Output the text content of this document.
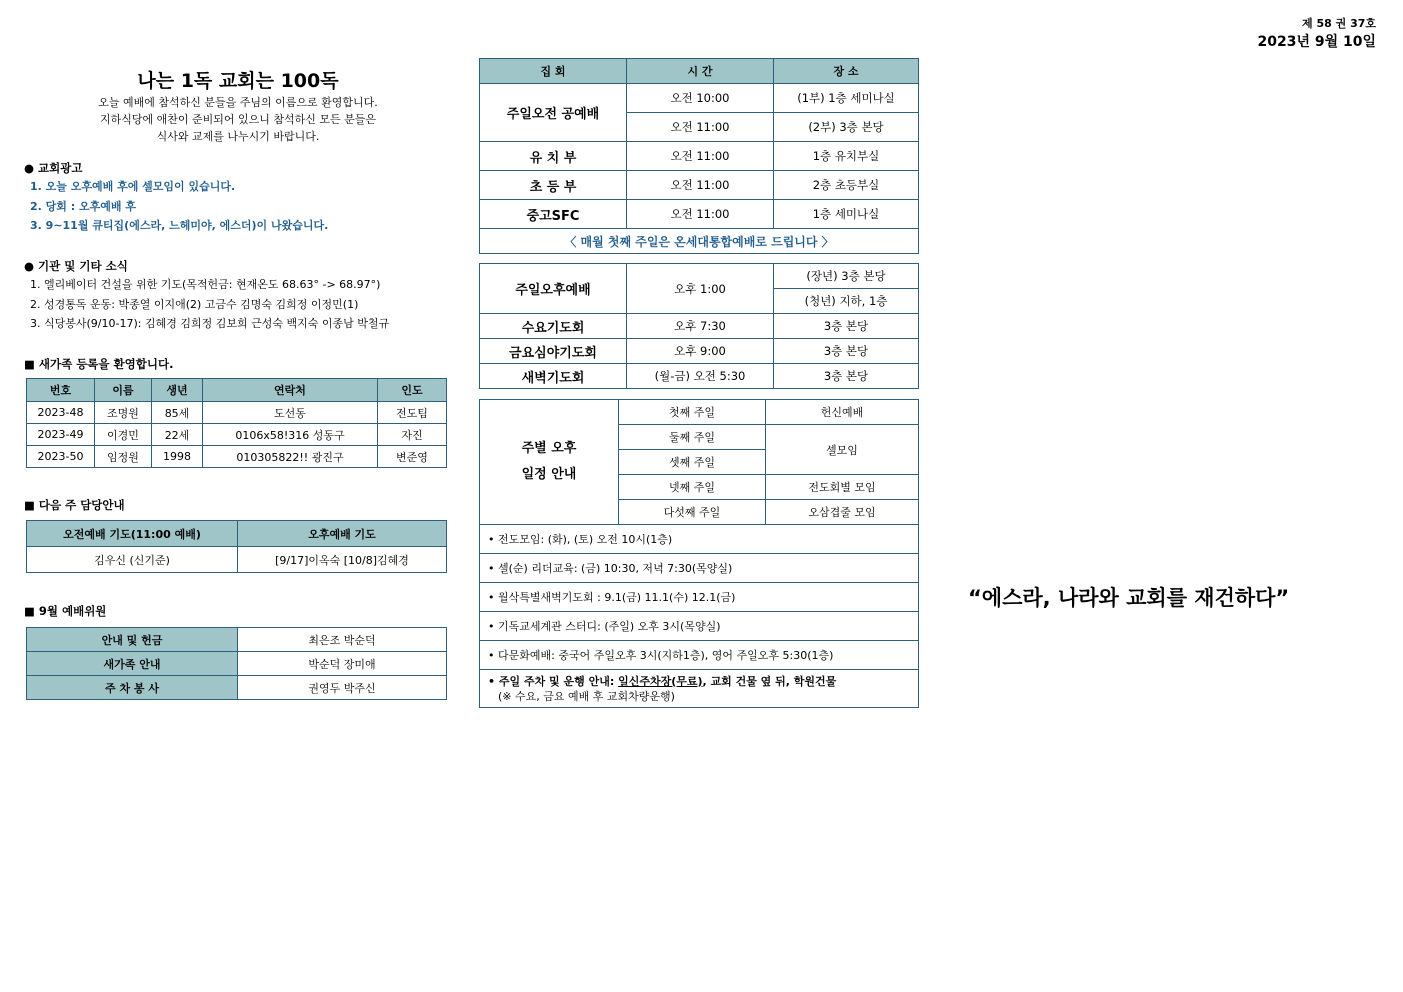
제 58 권 37호
2023년 9월 10일
나는 1독 교회는 100독
오늘 예배에 참석하신 분들을 주님의 이름으로 환영합니다.
지하식당에 애찬이 준비되어 있으니 참석하신 모든 분들은
식사와 교제를 나누시기 바랍니다.
● 교회광고
1. 오늘 오후예배 후에 셀모임이 있습니다.
2. 당회 : 오후예배 후
3. 9~11월 큐티집(에스라, 느헤미야, 에스더)이 나왔습니다.
● 기관 및 기타 소식
1. 엘리베이터 건설을 위한 기도(목적헌금: 현재온도 68.63° -> 68.97°)
2. 성경통독 운동: 박종열 이지애(2) 고금수 김명숙 김희정 이정민(1)
3. 식당봉사(9/10-17): 김혜경 김희정 김보희 근성숙 백지숙 이종남 박철규
■ 새가족 등록을 환영합니다.
번호	이름	생년	연락처	인도
2023-48	조명원	85세	도선동	전도팀
2023-49	이경민	22세	0106x58!316 성동구	자진
2023-50	임정원	1998	010305822!! 광진구	변준영
■ 다음 주 담당안내
오전예배 기도(11:00 예배)	오후예배 기도
김우신 (신기준)	[9/17]이옥숙 [10/8]김혜경
■ 9월 예배위원
안내 및 헌금	최은조 박순덕
새가족 안내	박순덕 장미애
주 차 봉 사	권영두 박주신
집 회	시 간	장 소
주일오전 공예배	오전 10:00	(1부) 1층 세미나실
	오전 11:00	(2부) 3층 본당
유 치 부	오전 11:00	1층 유치부실
초 등 부	오전 11:00	2층 초등부실
중고SFC	오전 11:00	1층 세미나실
〈 매월 첫째 주일은 온세대통합예배로 드립니다 〉		
주일오후예배	오후 1:00	(장년) 3층 본당
		(청년) 지하, 1층
수요기도회	오후 7:30	3층 본당
금요심야기도회	오후 9:00	3층 본당
새벽기도회	(월-금) 오전 5:30	3층 본당
주별 오후
일정 안내	첫째 주일	헌신예배
	둘째 주일	셀모임
	셋째 주일	
	넷째 주일	전도회별 모임
	다섯째 주일	오삼겹줄 모임
• 전도모임: (화), (토) 오전 10시(1층)
• 셀(순) 리더교육: (금) 10:30, 저녁 7:30(목양실)
• 월삭특별새벽기도회 : 9.1(금) 11.1(수) 12.1(금)
• 기독교세계관 스터디: (주일) 오후 3시(목양실)
• 다문화예배: 중국어 주일오후 3시(지하1층), 영어 주일오후 5:30(1층)

• 주일 주차 및 운행 안내: 일신주차장(무료), 교회 건물 옆 뒤, 학원건물
(※ 수요, 금요 예배 후 교회차량운행)		
“에스라, 나라와 교회를 재건하다”
